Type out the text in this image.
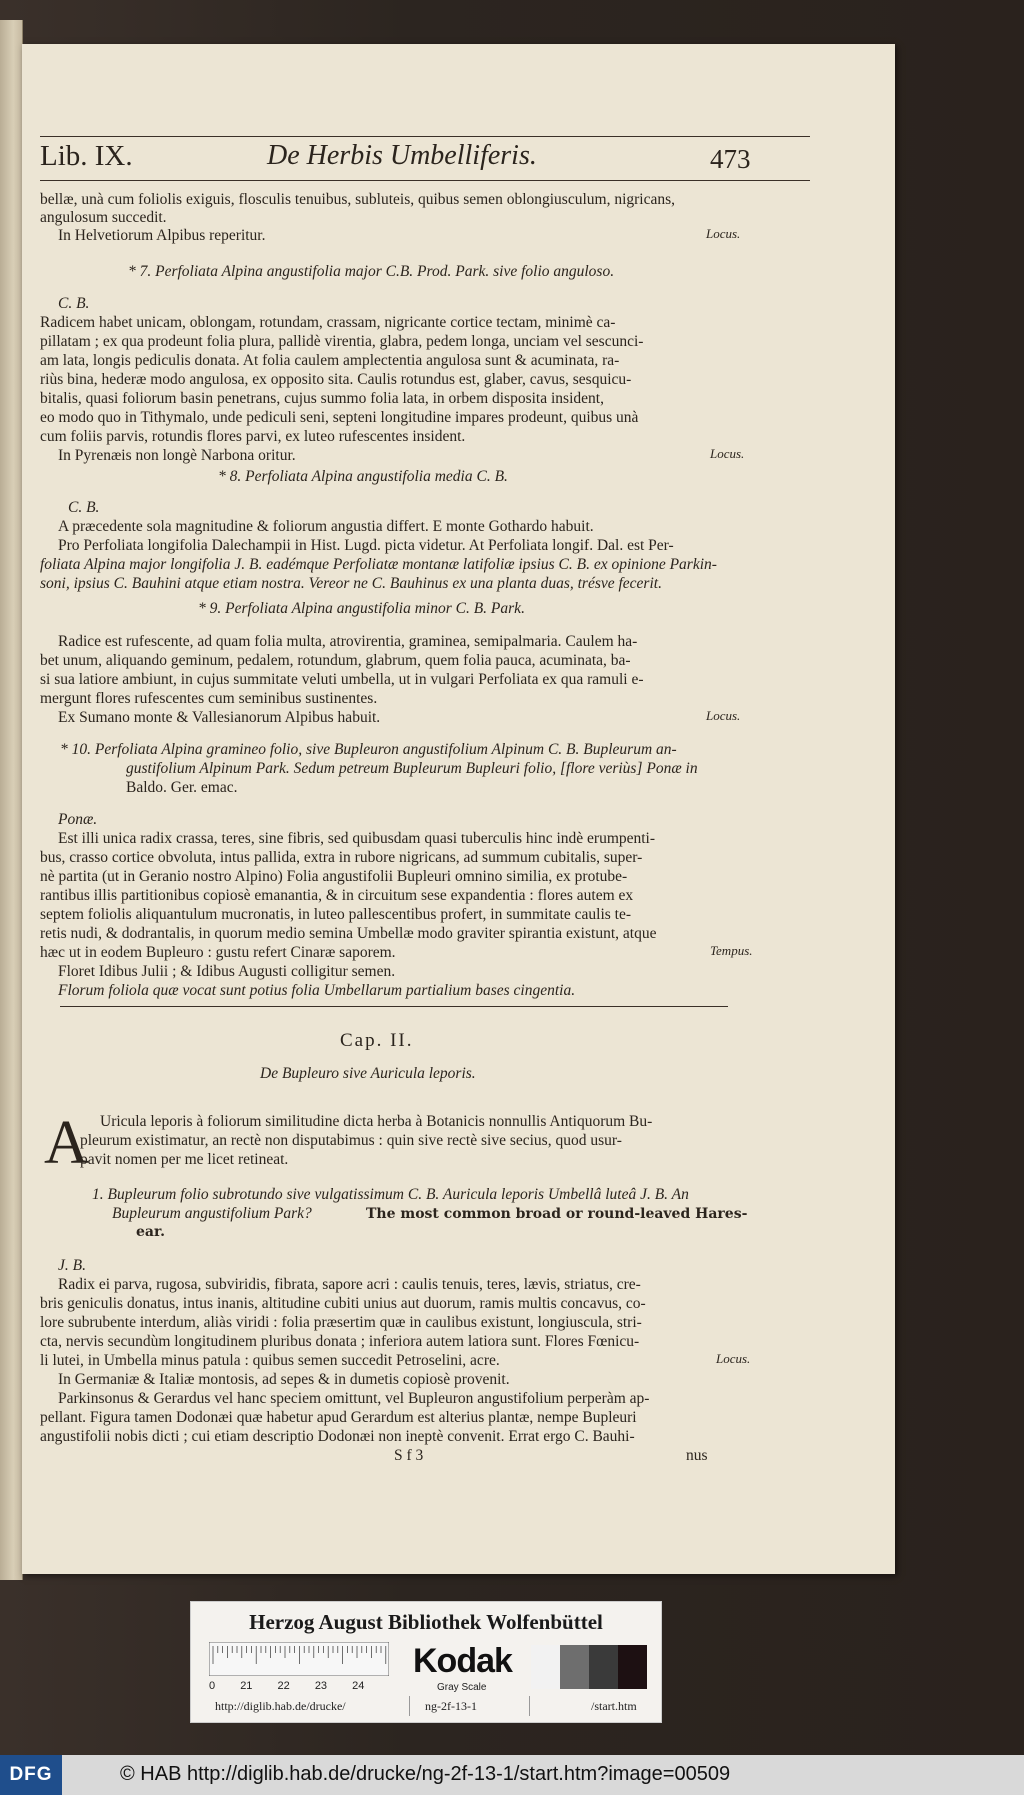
Lib. IX.	De Herbis Umbelliferis.	473
bellæ, unà cum foliolis exiguis, flosculis tenuibus, subluteis, quibus semen oblongiusculum, nigricans,
angulosum succedit.
In Helvetiorum Alpibus reperitur.
* 7. Perfoliata Alpina angustifolia major C.B. Prod. Park. sive folio anguloso.
C. B.
Radicem habet unicam, oblongam, rotundam, crassam, nigricante cortice tectam, minimè ca-
pillatam ; ex qua prodeunt folia plura, pallidè virentia, glabra, pedem longa, unciam vel sescunci-
am lata, longis pediculis donata. At folia caulem amplectentia angulosa sunt & acuminata, ra-
riùs bina, hederæ modo angulosa, ex opposito sita. Caulis rotundus est, glaber, cavus, sesquicu-
bitalis, quasi foliorum basin penetrans, cujus summo folia lata, in orbem disposita insident,
eo modo quo in Tithymalo, unde pediculi seni, septeni longitudine impares prodeunt, quibus unà
cum foliis parvis, rotundis flores parvi, ex luteo rufescentes insident.
In Pyrenæis non longè Narbona oritur.
* 8. Perfoliata Alpina angustifolia media C. B.
C. B.
A præcedente sola magnitudine & foliorum angustia differt. E monte Gothardo habuit.
Pro Perfoliata longifolia Dalechampii in Hist. Lugd. picta videtur. At Perfoliata longif. Dal. est Per-
foliata Alpina major longifolia J. B. eadémque Perfoliatæ montanæ latifoliæ ipsius C. B. ex opinione Parkin-
soni, ipsius C. Bauhini atque etiam nostra. Vereor ne C. Bauhinus ex una planta duas, trésve fecerit.
* 9. Perfoliata Alpina angustifolia minor C. B. Park.
Radice est rufescente, ad quam folia multa, atrovirentia, graminea, semipalmaria. Caulem ha-
bet unum, aliquando geminum, pedalem, rotundum, glabrum, quem folia pauca, acuminata, ba-
si sua latiore ambiunt, in cujus summitate veluti umbella, ut in vulgari Perfoliata ex qua ramuli e-
mergunt flores rufescentes cum seminibus sustinentes.
Ex Sumano monte & Vallesianorum Alpibus habuit.
* 10. Perfoliata Alpina gramineo folio, sive Bupleuron angustifolium Alpinum C. B. Bupleurum an-
gustifolium Alpinum Park. Sedum petreum Bupleurum Bupleuri folio, [flore veriùs] Ponæ in
Baldo. Ger. emac.
Ponæ.
Est illi unica radix crassa, teres, sine fibris, sed quibusdam quasi tuberculis hinc indè erumpenti-
bus, crasso cortice obvoluta, intus pallida, extra in rubore nigricans, ad summum cubitalis, super-
nè partita (ut in Geranio nostro Alpino) Folia angustifolii Bupleuri omnino similia, ex protube-
rantibus illis partitionibus copiosè emanantia, & in circuitum sese expandentia : flores autem ex
septem foliolis aliquantulum mucronatis, in luteo pallescentibus profert, in summitate caulis te-
retis nudi, & dodrantalis, in quorum medio semina Umbellæ modo graviter spirantia existunt, atque
hæc ut in eodem Bupleuro : gustu refert Cinaræ saporem.
Floret Idibus Julii ; & Idibus Augusti colligitur semen.
Florum foliola quæ vocat sunt potius folia Umbellarum partialium bases cingentia.
Cap. II.
De Bupleuro sive Auricula leporis.
A Uricula leporis à foliorum similitudine dicta herba à Botanicis nonnullis Antiquorum Bu-
pleurum existimatur, an rectè non disputabimus : quin sive rectè sive secius, quod usur-
pavit nomen per me licet retineat.
1. Bupleurum folio subrotundo sive vulgatissimum C. B. Auricula leporis Umbellâ luteâ J. B. An
Bupleurum angustifolium Park?	The most common broad or round-leaved Hares-
ear.
J. B.
Radix ei parva, rugosa, subviridis, fibrata, sapore acri : caulis tenuis, teres, lævis, striatus, cre-
bris geniculis donatus, intus inanis, altitudine cubiti unius aut duorum, ramis multis concavus, co-
lore subrubente interdum, aliàs viridi : folia præsertim quæ in caulibus existunt, longiuscula, stri-
cta, nervis secundùm longitudinem pluribus donata ; inferiora autem latiora sunt. Flores Fœnicu-
li lutei, in Umbella minus patula : quibus semen succedit Petroselini, acre.
In Germaniæ & Italiæ montosis, ad sepes & in dumetis copiosè provenit.
Parkinsonus & Gerardus vel hanc speciem omittunt, vel Bupleuron angustifolium perperàm ap-
pellant. Figura tamen Dodonæi quæ habetur apud Gerardum est alterius plantæ, nempe Bupleuri
angustifolii nobis dicti ; cui etiam descriptio Dodonæi non ineptè convenit. Errat ergo C. Bauhi-
S f 3	nus
Locus.
Locus.
Locus.
Tempus.
Locus.
Herzog August Bibliothek Wolfenbüttel
0 21 22 23 24
Kodak
Gray Scale
http://diglib.hab.de/drucke/	ng-2f-13-1	/start.htm
DFG	© HAB http://diglib.hab.de/drucke/ng-2f-13-1/start.htm?image=00509
